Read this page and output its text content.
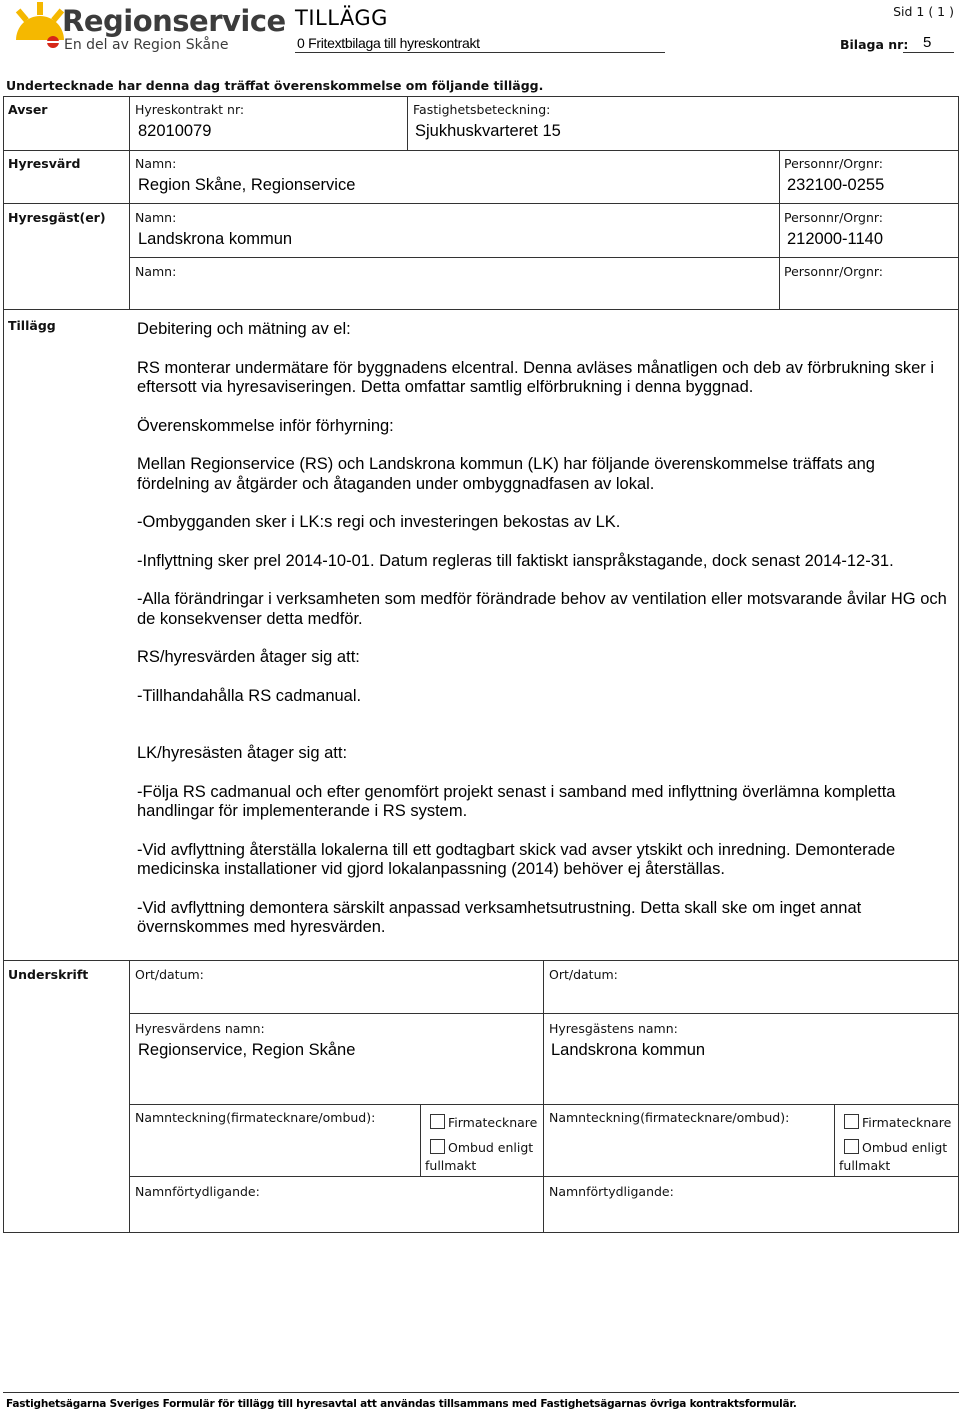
Regionservice
En del av Region Skåne
TILLÄGG
0 Fritextbilaga till hyreskontrakt
Sid 1 ( 1 )
Bilaga nr: 5
Undertecknade har denna dag träffat överenskommelse om följande tillägg.
Avser	Hyreskontrakt nr:
82010079
Fastighetsbeteckning:
Sjukhuskvarteret 15
Hyresvärd	Namn:
Region Skåne, Regionservice
Personnr/Orgnr:
232100-0255
Hyresgäst(er) Namn:
Landskrona kommun
Personnr/Orgnr:
212000-1140
Namn:	Personnr/Orgnr:
Tillägg	Debitering och mätning av el:
RS monterar undermätare för byggnadens elcentral. Denna avläses månatligen och deb av förbrukning sker i eftersott via hyresaviseringen. Detta omfattar samtlig elförbrukning i denna byggnad.
Överenskommelse inför förhyrning:
Mellan Regionservice (RS) och Landskrona kommun (LK) har följande överenskommelse träffats ang fördelning av åtgärder och åtaganden under ombyggnadfasen av lokal.
-Ombygganden sker i LK:s regi och investeringen bekostas av LK.
-Inflyttning sker prel 2014-10-01. Datum regleras till faktiskt ianspråkstagande, dock senast 2014-12-31.
-Alla förändringar i verksamheten som medför förändrade behov av ventilation eller motsvarande åvilar HG och de konsekvenser detta medför.
RS/hyresvärden åtager sig att:
-Tillhandahålla RS cadmanual.
LK/hyresästen åtager sig att:
-Följa RS cadmanual och efter genomfört projekt senast i samband med inflyttning överlämna kompletta handlingar för implementerande i RS system.
-Vid avflyttning återställa lokalerna till ett godtagbart skick vad avser ytskikt och inredning. Demonterade medicinska installationer vid gjord lokalanpassning (2014) behöver ej återställas.
-Vid avflyttning demontera särskilt anpassad verksamhetsutrustning. Detta skall ske om inget annat övernskommes med hyresvärden.
Underskrift	Ort/datum:	Ort/datum:
Hyresvärdens namn:
Regionservice, Region Skåne
Hyresgästens namn:
Landskrona kommun
Namnteckning(firmatecknare/ombud):	Namnteckning(firmatecknare/ombud):
Firmatecknare
Ombud enligt
fullmakt
Firmatecknare
Ombud enligt
fullmakt
Namnförtydligande:	Namnförtydligande:
Fastighetsägarna Sveriges Formulär för tillägg till hyresavtal att användas tillsammans med Fastighetsägarnas övriga kontraktsformulär.
